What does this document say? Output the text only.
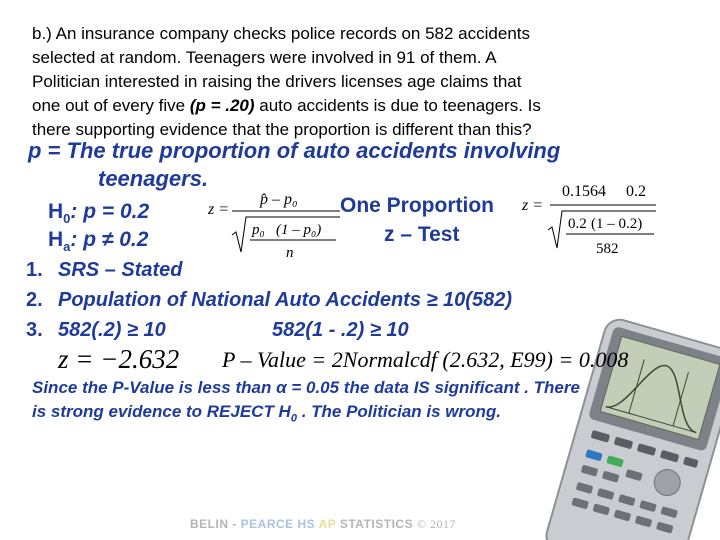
b.) An insurance company checks police records on 582 accidents
selected at random. Teenagers were involved in 91 of them. A
Politician interested in raising the drivers licenses age claims that
one out of every five (p = .20) auto accidents is due to teenagers. Is
there supporting evidence that the proportion is different than this?
p = The true proportion of auto accidents involving
teenagers.
$H_0$: p = 0.2
$H_a$: p ≠ 0.2
z =
p̂ – p₀
p₀ (1 – p₀)
n
One Proportion
z – Test
z =
0.1564 0.2
0.2 (1 – 0.2)
582
1. SRS – Stated
2. Population of National Auto Accidents ≥ 10(582)
3. 582(.2) ≥ 10	582(1 - .2) ≥ 10
z = −2.632 P – Value = 2Normalcdf (2.632, E99) = 0.008
Since the P-Value is less than α = 0.05 the data IS significant . There
is strong evidence to REJECT $H_0$ . The Politician is wrong.
BELIN - PEARCE HS AP STATISTICS © 2017
